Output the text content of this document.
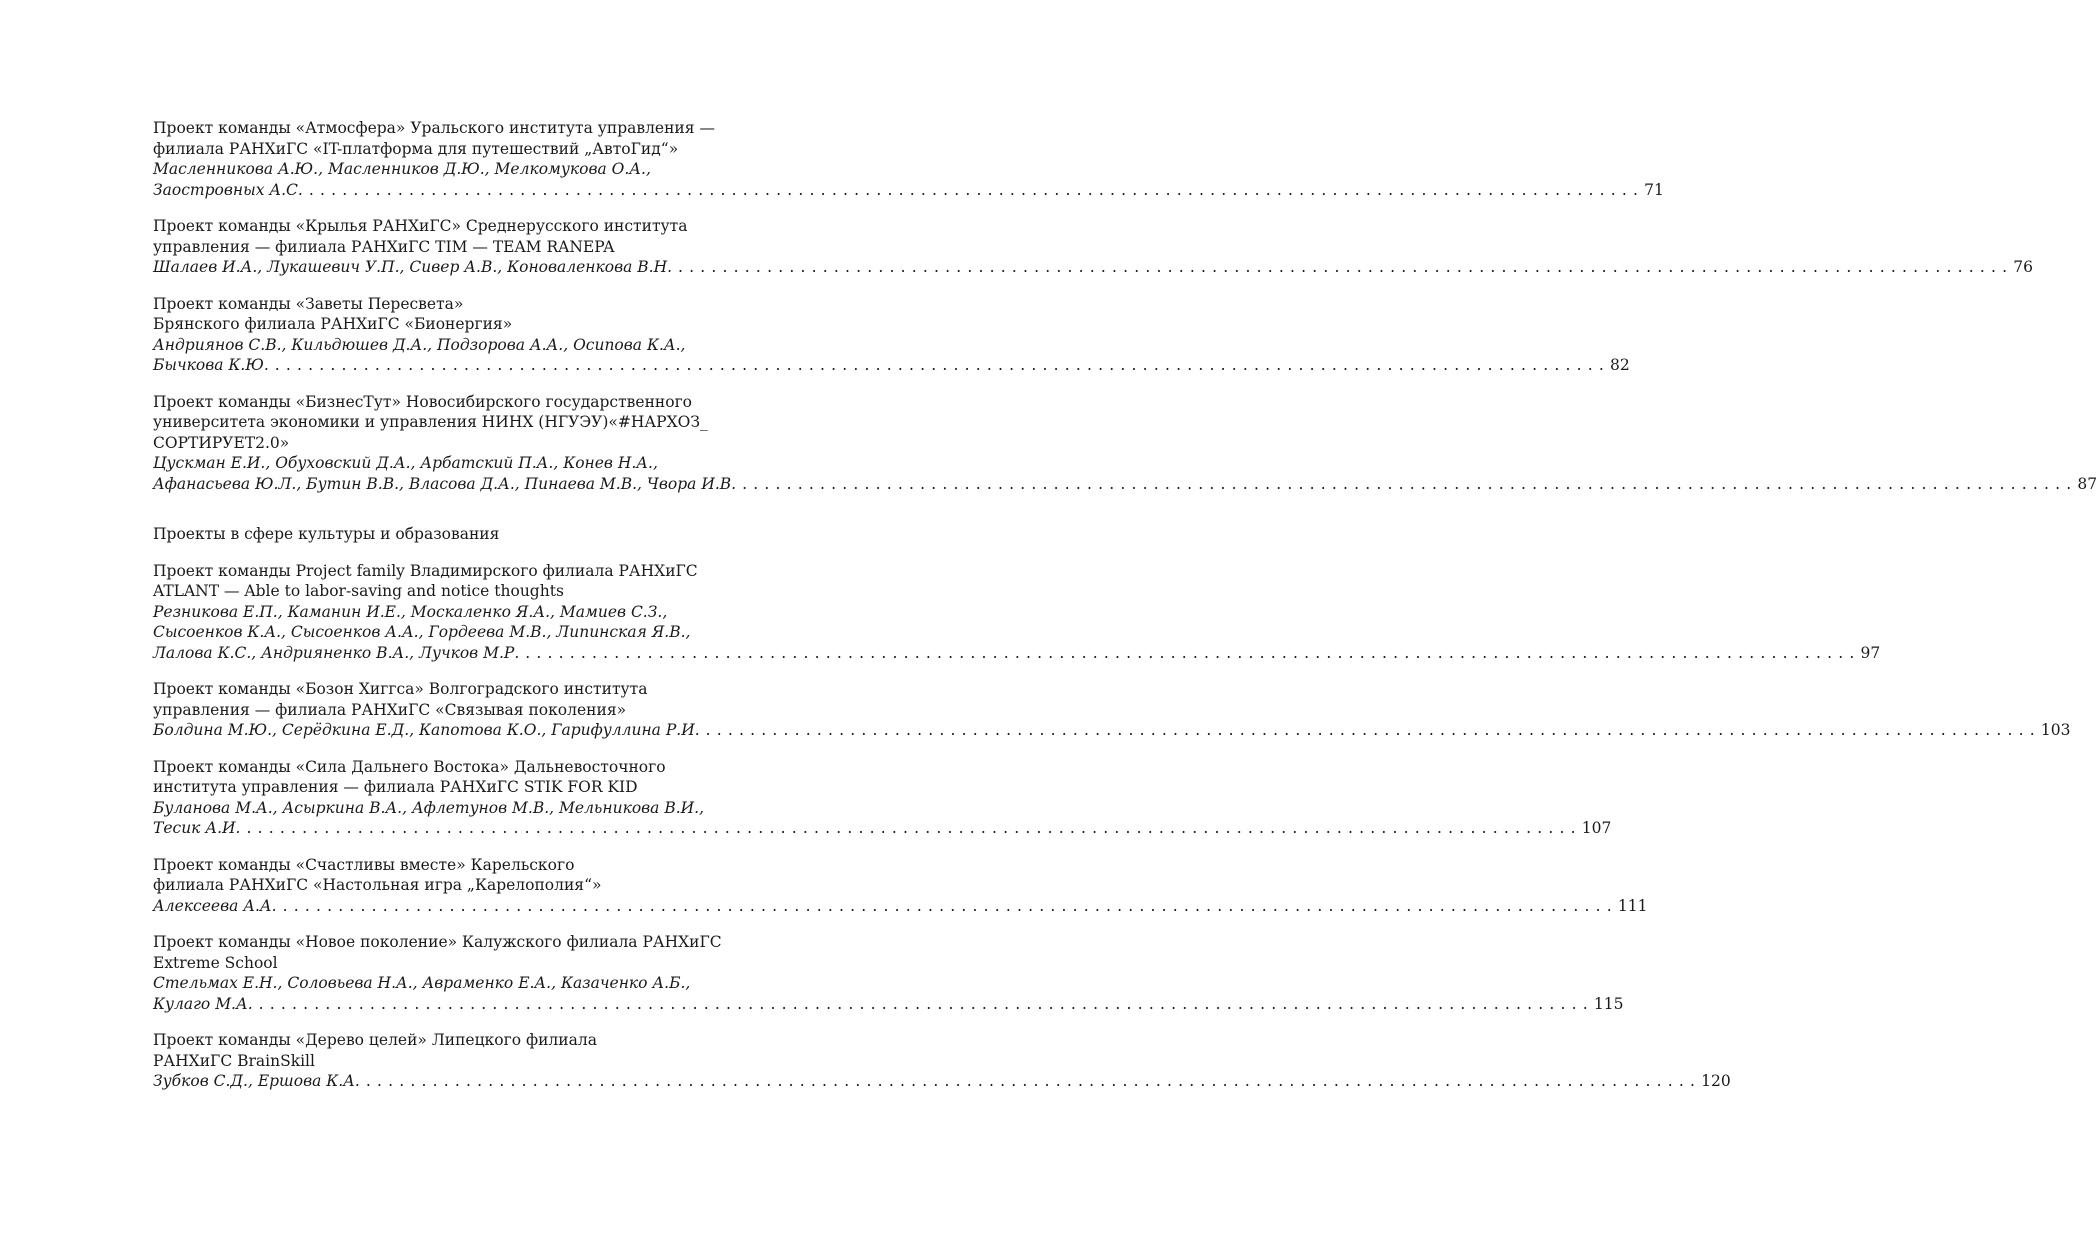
Проект команды «Атмосфера» Уральского института управления —
филиала РАНХиГС «IT-платформа для путешествий „АвтоГид“»
Масленникова А.Ю., Масленников Д.Ю., Мелкомукова О.А.,
Заостровных А.С. ........................................................................................................................ 71
Проект команды «Крылья РАНХиГС» Среднерусского института
управления — филиала РАНХиГС TIM — TEAM RANEPA
Шалаев И.А., Лукашевич У.П., Сивер А.В., Коноваленкова В.Н. ........................................................................................................................ 76
Проект команды «Заветы Пересвета»
Брянского филиала РАНХиГС «Бионергия»
Андриянов С.В., Кильдюшев Д.А., Подзорова А.А., Осипова К.А.,
Бычкова К.Ю. ........................................................................................................................ 82
Проект команды «БизнесТут» Новосибирского государственного
университета экономики и управления НИНХ (НГУЭУ)«#НАРХОЗ_
СОРТИРУЕТ2.0»
Цускман Е.И., Обуховский Д.А., Арбатский П.А., Конев Н.А.,
Афанасьева Ю.Л., Бутин В.В., Власова Д.А., Пинаева М.В., Чвора И.В. ........................................................................................................................ 87
Проекты в сфере культуры и образования
Проект команды Project family Владимирского филиала РАНХиГС
ATLANT — Able to labor-saving and notice thoughts
Резникова Е.П., Каманин И.Е., Москаленко Я.А., Мамиев С.З.,
Сысоенков К.А., Сысоенков А.А., Гордеева М.В., Липинская Я.В.,
Лалова К.С., Андрияненко В.А., Лучков М.Р. ........................................................................................................................ 97
Проект команды «Бозон Хиггса» Волгоградского института
управления — филиала РАНХиГС «Связывая поколения»
Болдина М.Ю., Серёдкина Е.Д., Капотова К.О., Гарифуллина Р.И. ........................................................................................................................ 103
Проект команды «Сила Дальнего Востока» Дальневосточного
института управления — филиала РАНХиГС STIK FOR KID
Буланова М.А., Асыркина В.А., Афлетунов М.В., Мельникова В.И.,
Тесик А.И. ........................................................................................................................ 107
Проект команды «Счастливы вместе» Карельского
филиала РАНХиГС «Настольная игра „Карелополия“»
Алексеева А.А. ........................................................................................................................ 111
Проект команды «Новое поколение» Калужского филиала РАНХиГС
Extreme School
Стельмах Е.Н., Соловьева Н.А., Авраменко Е.А., Казаченко А.Б.,
Кулаго М.А. ........................................................................................................................ 115
Проект команды «Дерево целей» Липецкого филиала
РАНХиГС BrainSkill
Зубков С.Д., Ершова К.А. ........................................................................................................................ 120
